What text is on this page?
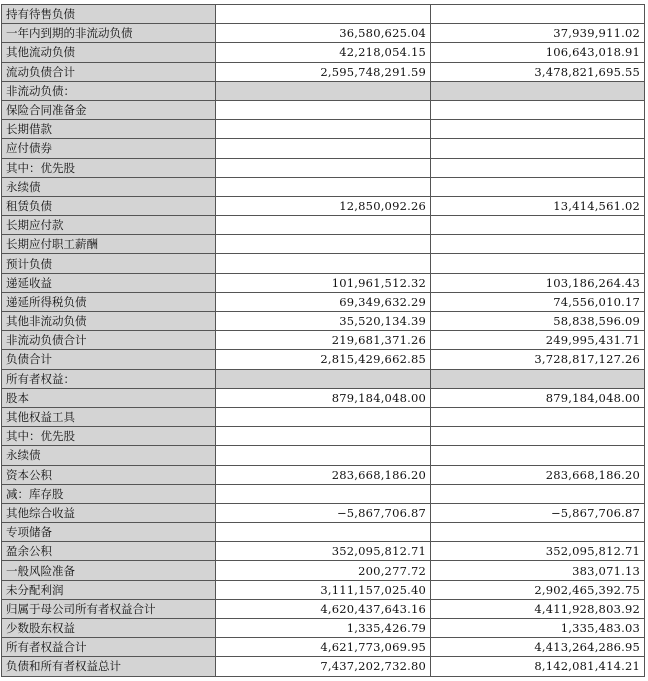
持有待售负债		
一年内到期的非流动负债	36,580,625.04	37,939,911.02
其他流动负债	42,218,054.15	106,643,018.91
流动负债合计	2,595,748,291.59	3,478,821,695.55
非流动负债：		
保险合同准备金		
长期借款		
应付债券		
其中：优先股		
永续债		
租赁负债	12,850,092.26	13,414,561.02
长期应付款		
长期应付职工薪酬		
预计负债		
递延收益	101,961,512.32	103,186,264.43
递延所得税负债	69,349,632.29	74,556,010.17
其他非流动负债	35,520,134.39	58,838,596.09
非流动负债合计	219,681,371.26	249,995,431.71
负债合计	2,815,429,662.85	3,728,817,127.26
所有者权益：		
股本	879,184,048.00	879,184,048.00
其他权益工具		
其中：优先股		
永续债		
资本公积	283,668,186.20	283,668,186.20
减：库存股		
其他综合收益	−5,867,706.87	−5,867,706.87
专项储备		
盈余公积	352,095,812.71	352,095,812.71
一般风险准备	200,277.72	383,071.13
未分配利润	3,111,157,025.40	2,902,465,392.75
归属于母公司所有者权益合计	4,620,437,643.16	4,411,928,803.92
少数股东权益	1,335,426.79	1,335,483.03
所有者权益合计	4,621,773,069.95	4,413,264,286.95
负债和所有者权益总计	7,437,202,732.80	8,142,081,414.21
